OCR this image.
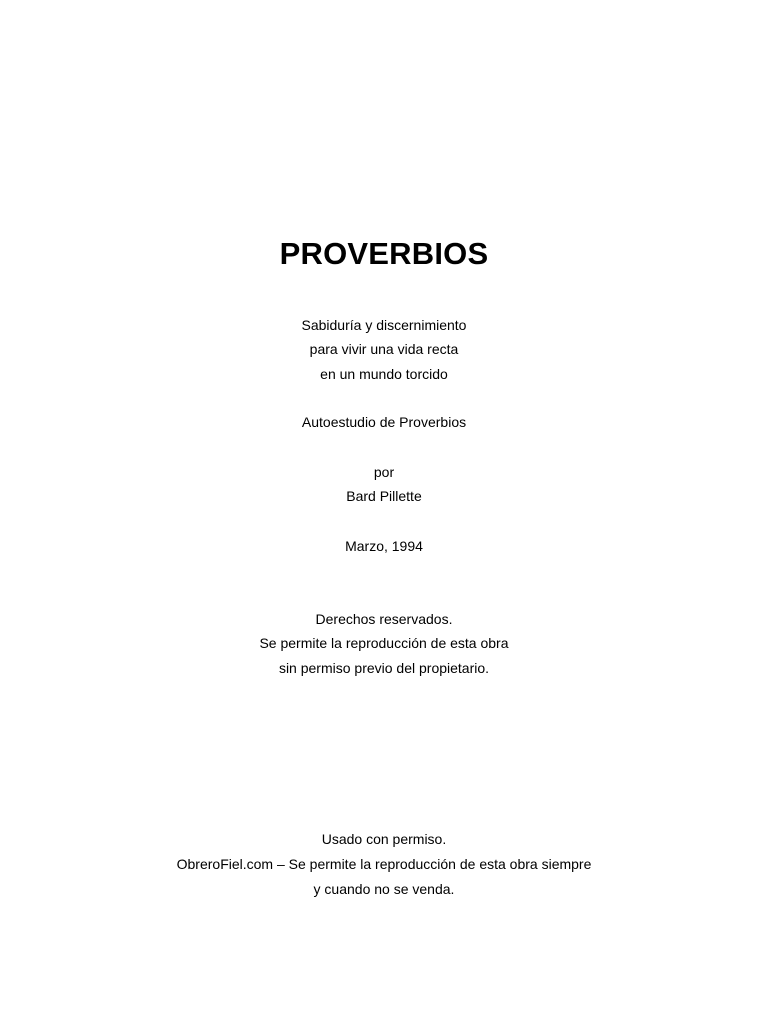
PROVERBIOS
Sabiduría y discernimiento
para vivir una vida recta
en un mundo torcido
Autoestudio de Proverbios
por
Bard Pillette
Marzo, 1994
Derechos reservados.
Se permite la reproducción de esta obra
sin permiso previo del propietario.
Usado con permiso.
ObreroFiel.com – Se permite la reproducción de esta obra siempre
y cuando no se venda.
